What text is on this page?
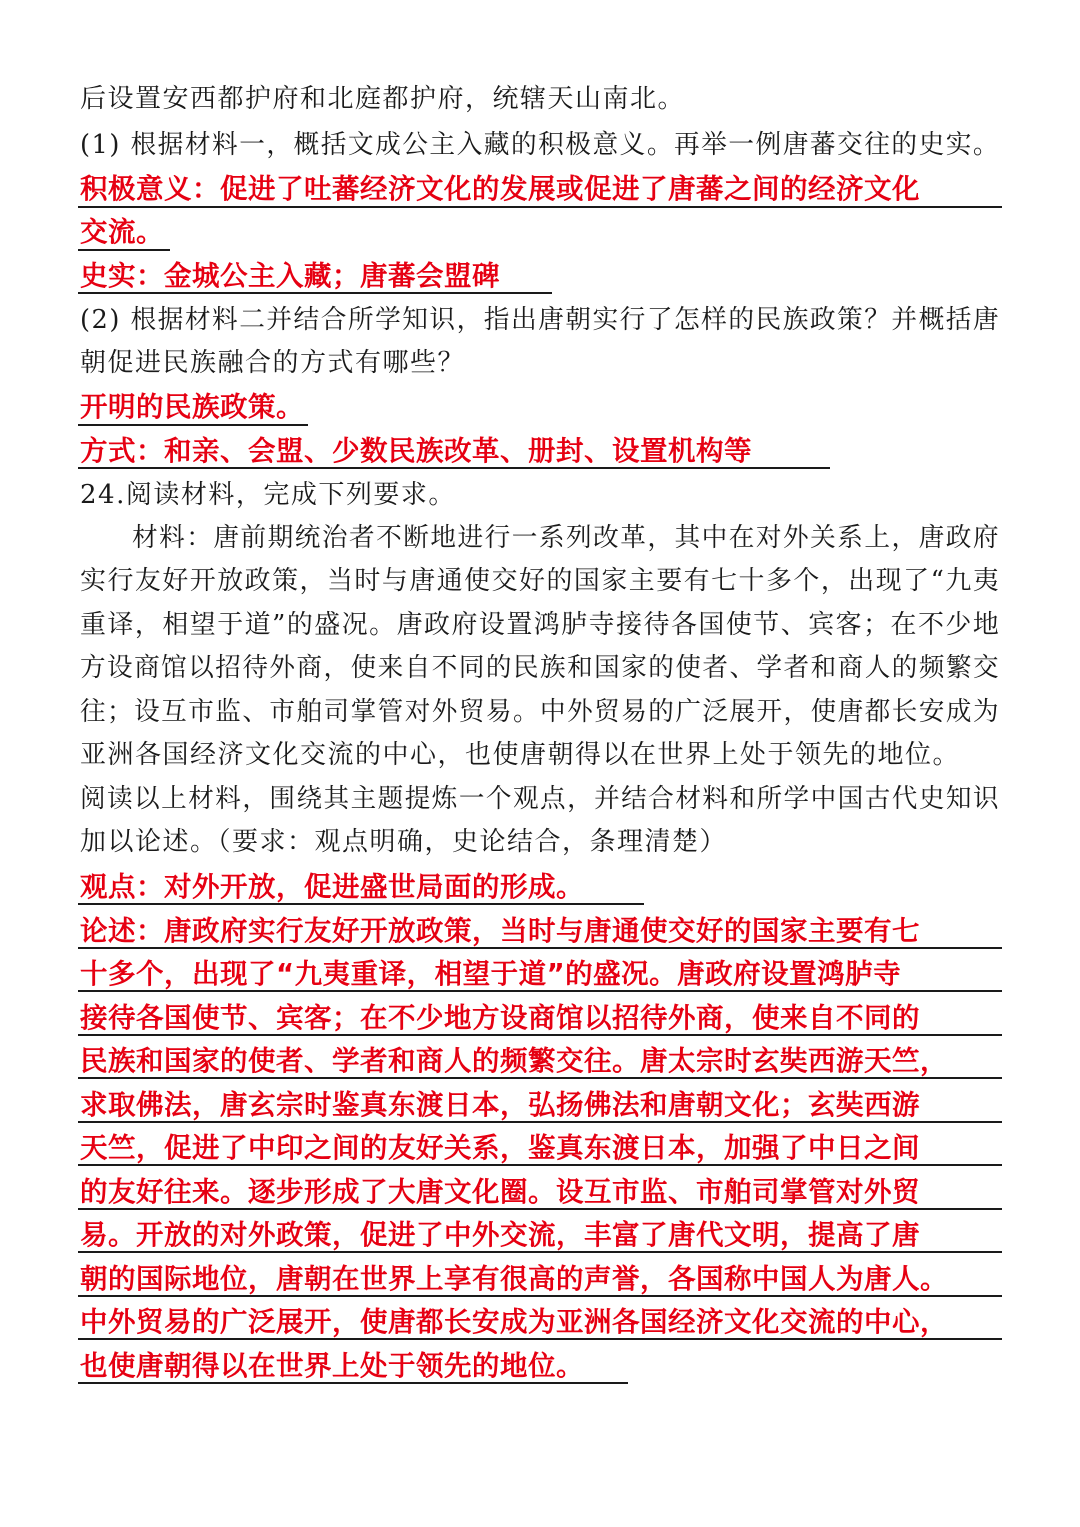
后设置安西都护府和北庭都护府，统辖天山南北。
(1) 根据材料一，概括文成公主入藏的积极意义。再举一例唐蕃交往的史实。
积极意义：促进了吐蕃经济文化的发展或促进了唐蕃之间的经济文化
交流。
史实：金城公主入藏；唐蕃会盟碑
(2) 根据材料二并结合所学知识，指出唐朝实行了怎样的民族政策？并概括唐
朝促进民族融合的方式有哪些？
开明的民族政策。
方式：和亲、会盟、少数民族改革、册封、设置机构等
24.阅读材料，完成下列要求。
材料：唐前期统治者不断地进行一系列改革，其中在对外关系上，唐政府
实行友好开放政策，当时与唐通使交好的国家主要有七十多个，出现了“九夷
重译，相望于道”的盛况。唐政府设置鸿胪寺接待各国使节、宾客；在不少地
方设商馆以招待外商，使来自不同的民族和国家的使者、学者和商人的频繁交
往；设互市监、市舶司掌管对外贸易。中外贸易的广泛展开，使唐都长安成为
亚洲各国经济文化交流的中心，也使唐朝得以在世界上处于领先的地位。
阅读以上材料，围绕其主题提炼一个观点，并结合材料和所学中国古代史知识
加以论述。（要求：观点明确，史论结合，条理清楚）
观点：对外开放，促进盛世局面的形成。
论述：唐政府实行友好开放政策，当时与唐通使交好的国家主要有七
十多个，出现了“九夷重译，相望于道”的盛况。唐政府设置鸿胪寺
接待各国使节、宾客；在不少地方设商馆以招待外商，使来自不同的
民族和国家的使者、学者和商人的频繁交往。唐太宗时玄奘西游天竺，
求取佛法，唐玄宗时鉴真东渡日本，弘扬佛法和唐朝文化；玄奘西游
天竺，促进了中印之间的友好关系，鉴真东渡日本，加强了中日之间
的友好往来。逐步形成了大唐文化圈。设互市监、市舶司掌管对外贸
易。开放的对外政策，促进了中外交流，丰富了唐代文明，提高了唐
朝的国际地位，唐朝在世界上享有很高的声誉，各国称中国人为唐人。
中外贸易的广泛展开，使唐都长安成为亚洲各国经济文化交流的中心，
也使唐朝得以在世界上处于领先的地位。
